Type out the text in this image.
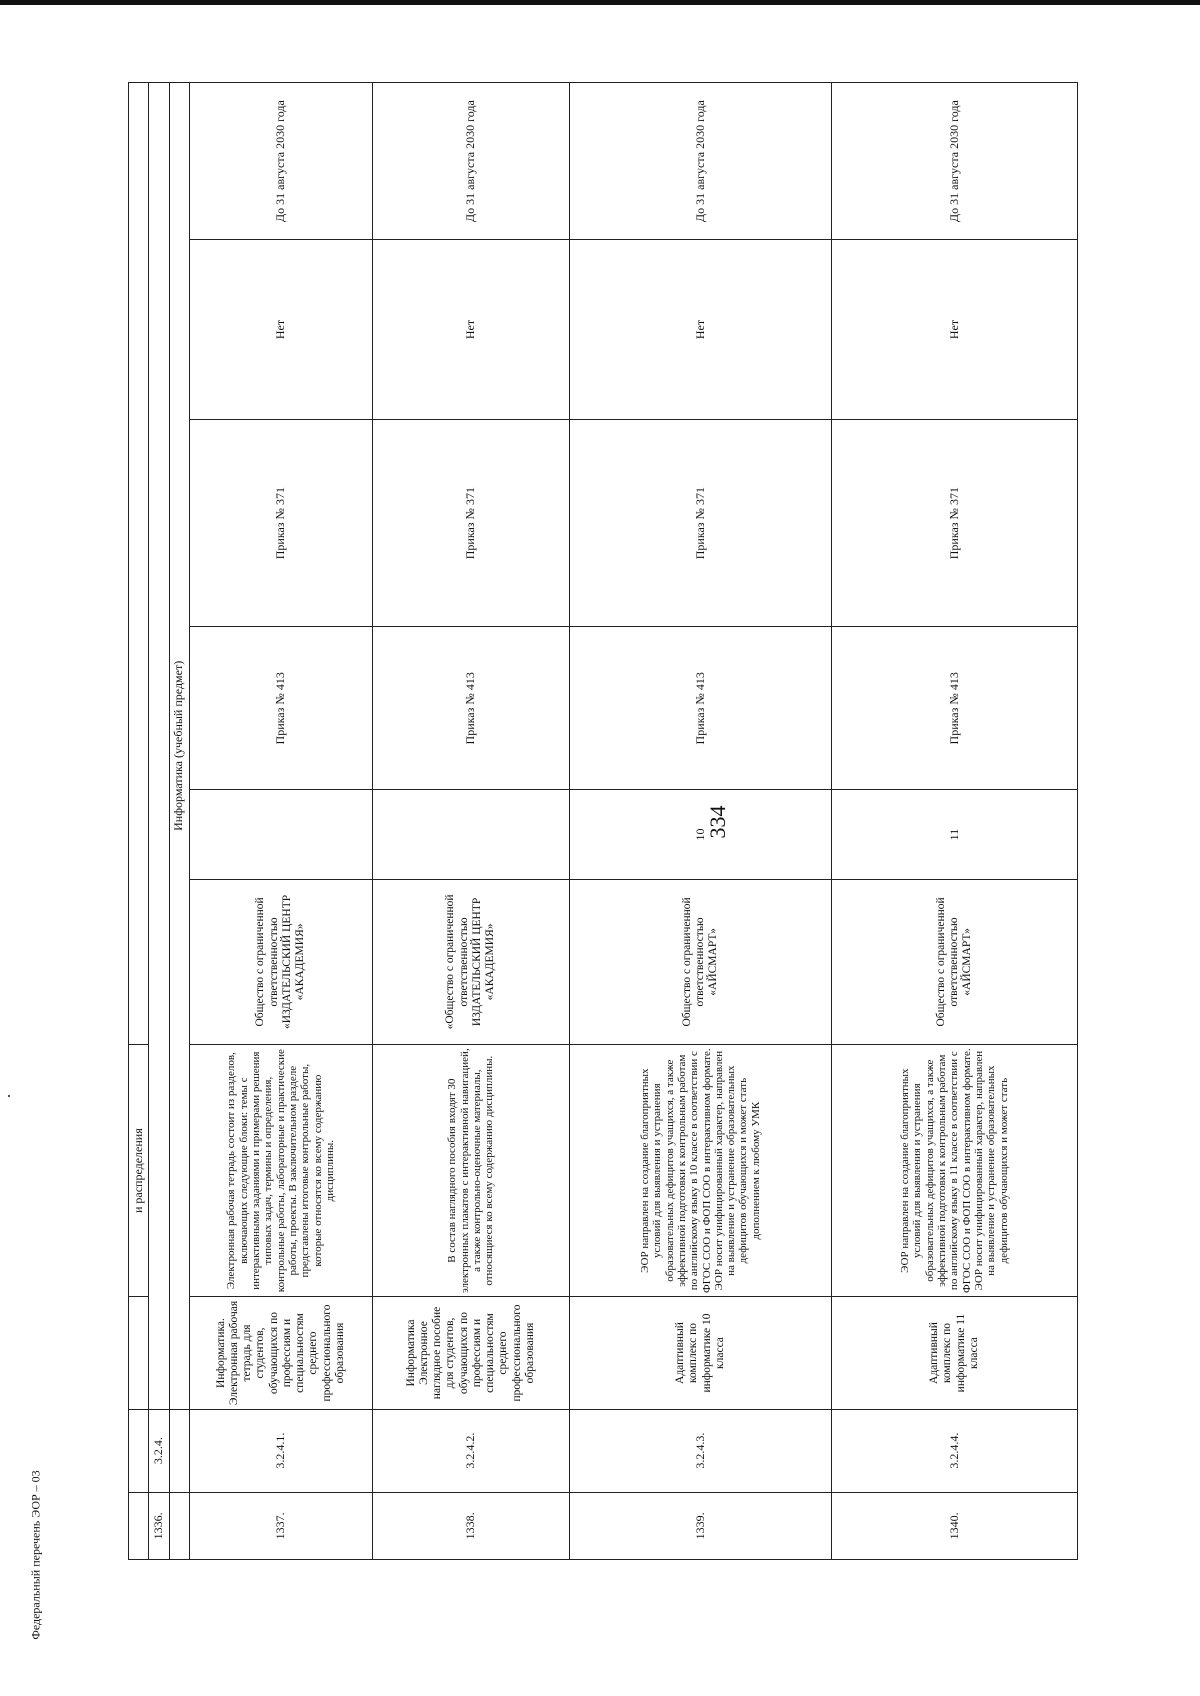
334
			и распределения						
1336.	3.2.4.								
		Информатика (учебный предмет)							
1337.	3.2.4.1.	Информатика. Электронная рабочая тетрадь для студентов, обучающихся по профессиям и специальностям среднего профессионального образования	Электронная рабочая тетрадь состоит из разделов, включающих следующие блоки: темы с интерактивными заданиями и примерами решения типовых задач, термины и определения, контрольные работы, лабораторные и практические работы, проекты. В заключительном разделе представлены итоговые контрольные работы, которые относятся ко всему содержанию дисциплины.	Общество с ограниченной ответственностью «ИЗДАТЕЛЬСКИЙ ЦЕНТР «АКАДЕМИЯ»		Приказ № 413	Приказ № 371	Нет	До 31 августа 2030 года
1338.	3.2.4.2.	Информатика Электронное наглядное пособие для студентов, обучающихся по профессиям и специальностям среднего профессионального образования	В состав наглядного пособия входят 30 электронных плакатов с интерактивной навигацией, а также контрольно-оценочные материалы, относящиеся ко всему содержанию дисциплины.	«Общество с ограниченной ответственностью ИЗДАТЕЛЬСКИЙ ЦЕНТР «АКАДЕМИЯ»		Приказ № 413	Приказ № 371	Нет	До 31 августа 2030 года
1339.	3.2.4.3.	Адаптивный комплекс по информатике 10 класса	ЭОР направлен на создание благоприятных условий для выявления и устранения образовательных дефицитов учащихся, а также эффективной подготовки к контрольным работам по английскому языку в 10 классе в соответствии с ФГОС СОО и ФОП СОО в интерактивном формате. ЭОР носит унифицированный характер, направлен на выявление и устранение образовательных дефицитов обучающихся и может стать дополнением к любому УМК	Общество с ограниченной ответственностью «АЙСМАРТ»	10	Приказ № 413	Приказ № 371	Нет	До 31 августа 2030 года
1340.	3.2.4.4.	Адаптивный комплекс по информатике 11 класса	ЭОР направлен на создание благоприятных условий для выявления и устранения образовательных дефицитов учащихся, а также эффективной подготовки к контрольным работам по английскому языку в 11 классе в соответствии с ФГОС СОО и ФОП СОО в интерактивном формате. ЭОР носит унифицированный характер, направлен на выявление и устранение образовательных дефицитов обучающихся и может стать	Общество с ограниченной ответственностью «АЙСМАРТ»	11	Приказ № 413	Приказ № 371	Нет	До 31 августа 2030 года
Федеральный перечень ЭОР – 03
